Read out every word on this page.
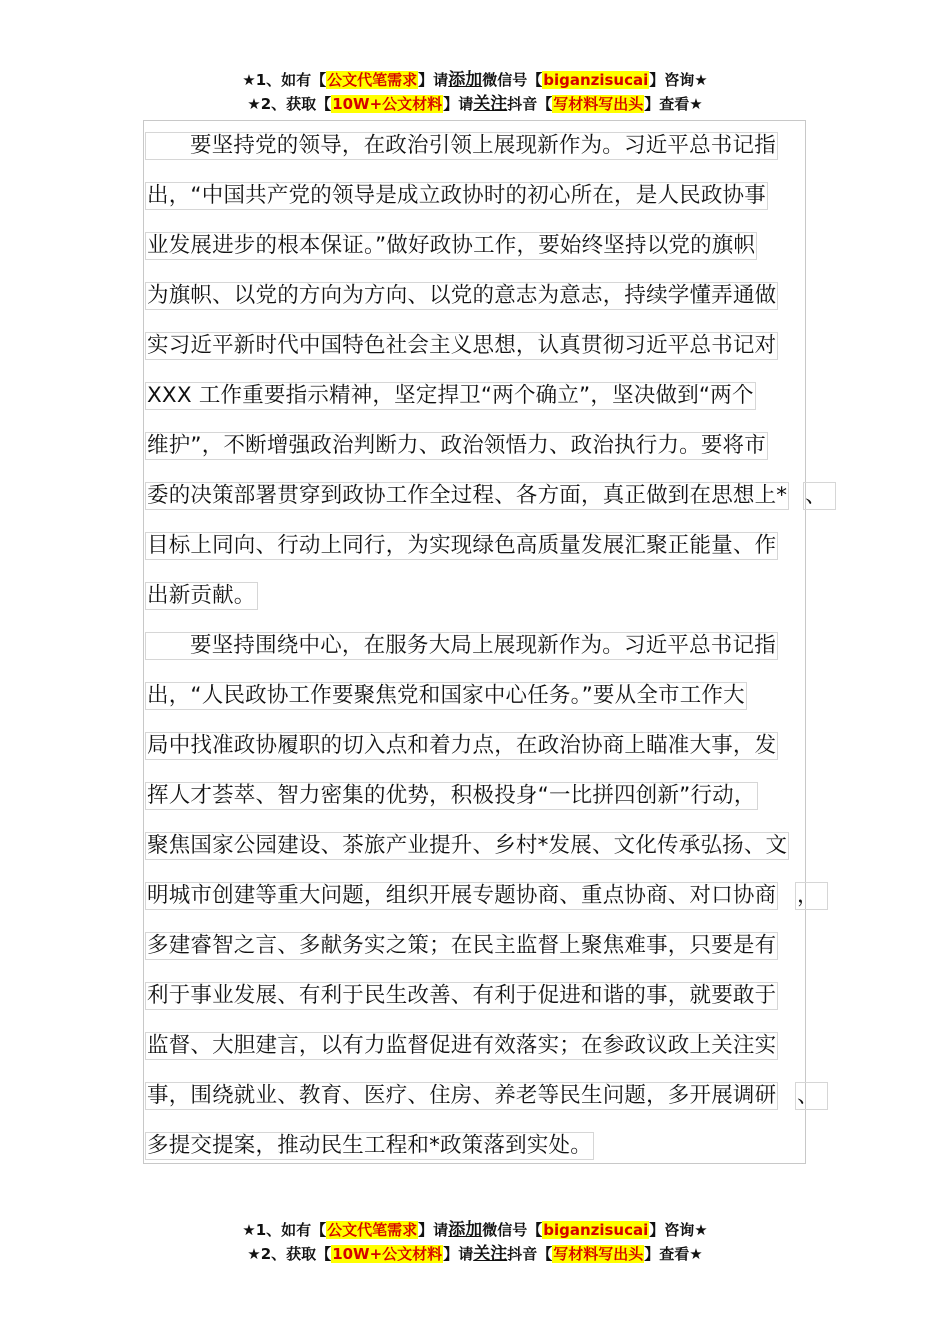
★1、如有【公文代笔需求】请添加微信号【biganzisucai】咨询★
★2、获取【10W+公文材料】请关注抖音【写材料写出头】查看★
要坚持党的领导，在政治引领上展现新作为。习近平总书记指
出，“中国共产党的领导是成立政协时的初心所在，是人民政协事
业发展进步的根本保证。”做好政协工作，要始终坚持以党的旗帜
为旗帜、以党的方向为方向、以党的意志为意志，持续学懂弄通做
实习近平新时代中国特色社会主义思想，认真贯彻习近平总书记对
XXX 工作重要指示精神，坚定捍卫“两个确立”，坚决做到“两个
维护”，不断增强政治判断力、政治领悟力、政治执行力。要将市
委的决策部署贯穿到政协工作全过程、各方面，真正做到在思想上* 、
目标上同向、行动上同行，为实现绿色高质量发展汇聚正能量、作
出新贡献。
要坚持围绕中心，在服务大局上展现新作为。习近平总书记指
出，“人民政协工作要聚焦党和国家中心任务。”要从全市工作大
局中找准政协履职的切入点和着力点，在政治协商上瞄准大事，发
挥人才荟萃、智力密集的优势，积极投身“一比拼四创新”行动，
聚焦国家公园建设、茶旅产业提升、乡村*发展、文化传承弘扬、文
明城市创建等重大问题，组织开展专题协商、重点协商、对口协商 ，
多建睿智之言、多献务实之策；在民主监督上聚焦难事，只要是有
利于事业发展、有利于民生改善、有利于促进和谐的事，就要敢于
监督、大胆建言，以有力监督促进有效落实；在参政议政上关注实
事，围绕就业、教育、医疗、住房、养老等民生问题，多开展调研 、
多提交提案，推动民生工程和*政策落到实处。
★1、如有【公文代笔需求】请添加微信号【biganzisucai】咨询★
★2、获取【10W+公文材料】请关注抖音【写材料写出头】查看★
